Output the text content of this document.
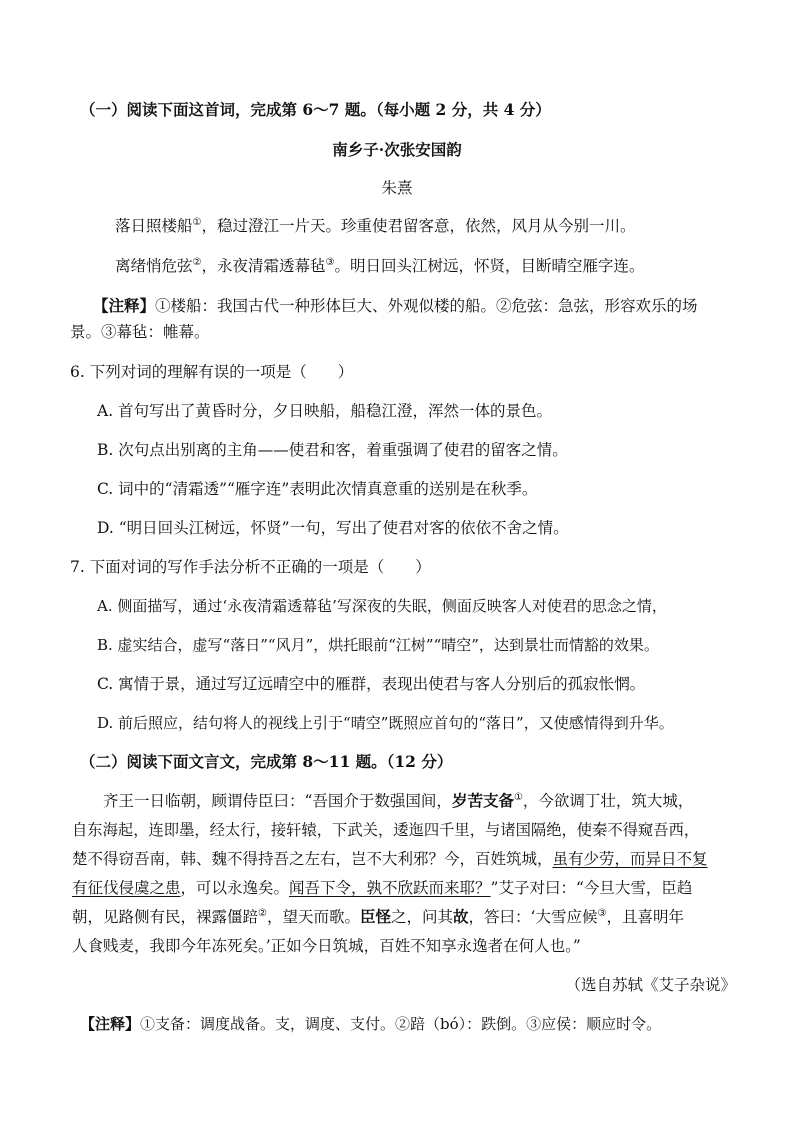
（一）阅读下面这首词，完成第 6～7 题。（每小题 2 分，共 4 分）
南乡子·次张安国韵
朱熹
落日照楼船①，稳过澄江一片天。珍重使君留客意，依然，风月从今别一川。
离绪悄危弦②，永夜清霜透幕毡③。明日回头江树远，怀贤，目断晴空雁字连。
【注释】①楼船：我国古代一种形体巨大、外观似楼的船。②危弦：急弦，形容欢乐的场
景。③幕毡：帷幕。
6. 下列对词的理解有误的一项是（　　）
A. 首句写出了黄昏时分，夕日映船，船稳江澄，浑然一体的景色。
B. 次句点出别离的主角——使君和客，着重强调了使君的留客之情。
C. 词中的“清霜透”“雁字连”表明此次情真意重的送别是在秋季。
D. “明日回头江树远，怀贤”一句，写出了使君对客的依依不舍之情。
7. 下面对词的写作手法分析不正确的一项是（　　）
A. 侧面描写，通过‘永夜清霜透幕毡’写深夜的失眠，侧面反映客人对使君的思念之情，
B. 虚实结合，虚写“落日”“风月”，烘托眼前“江树”“晴空”，达到景壮而情豁的效果。
C. 寓情于景，通过写辽远晴空中的雁群，表现出使君与客人分别后的孤寂怅惘。
D. 前后照应，结句将人的视线上引于“晴空”既照应首句的“落日”，又使感情得到升华。
（二）阅读下面文言文，完成第 8～11 题。（12 分）
齐王一日临朝，顾谓侍臣曰：“吾国介于数强国间，岁苦支备①，今欲调丁壮，筑大城，
自东海起，连即墨，经太行，接轩辕，下武关，逶迤四千里，与诸国隔绝，使秦不得窥吾西，
楚不得窃吾南，韩、魏不得持吾之左右，岂不大利邪？今，百姓筑城，虽有少劳，而异日不复
有征伐侵虞之患，可以永逸矣。闻吾下令，孰不欣跃而来耶？”艾子对曰：“今旦大雪，臣趋
朝，见路侧有民，裸露僵踣②，望天而歌。臣怪之，问其故，答曰：‘大雪应候③，且喜明年
人食贱麦，我即今年冻死矣。’正如今日筑城，百姓不知享永逸者在何人也。”
（选自苏轼《艾子杂说》
【注释】①支备：调度战备。支，调度、支付。②踣（bó）：跌倒。③应侯：顺应时令。
